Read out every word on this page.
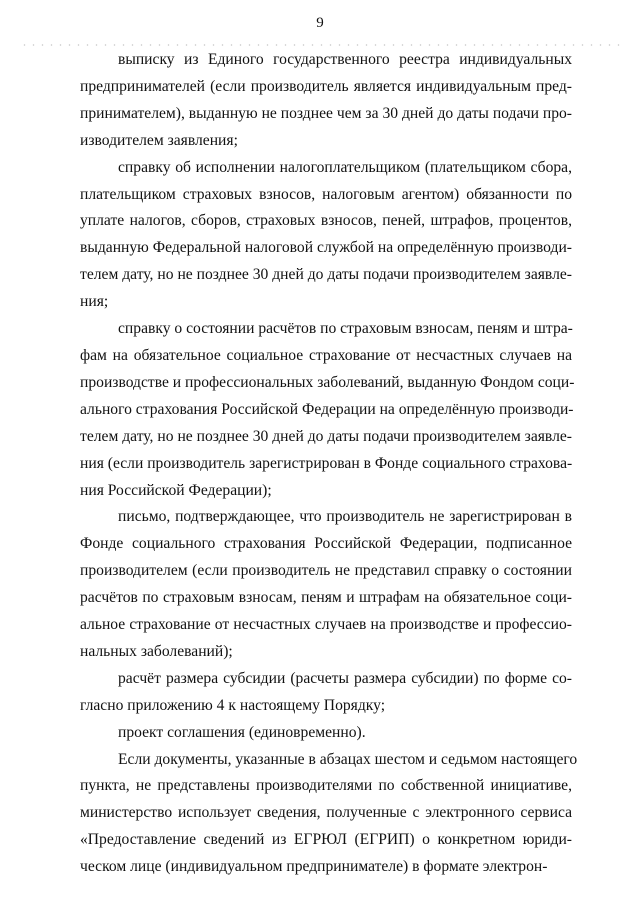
9

выписку из Единого государственного реестра индивидуальных
предпринимателей (если производитель является индивидуальным пред-
принимателем), выданную не позднее чем за 30 дней до даты подачи про-
изводителем заявления;

справку об исполнении налогоплательщиком (плательщиком сбора,
плательщиком страховых взносов, налоговым агентом) обязанности по
уплате налогов, сборов, страховых взносов, пеней, штрафов, процентов,
выданную Федеральной налоговой службой на определённую производи-
телем дату, но не позднее 30 дней до даты подачи производителем заявле-
ния;

справку о состоянии расчётов по страховым взносам, пеням и штра-
фам на обязательное социальное страхование от несчастных случаев на
производстве и профессиональных заболеваний, выданную Фондом соци-
ального страхования Российской Федерации на определённую производи-
телем дату, но не позднее 30 дней до даты подачи производителем заявле-
ния (если производитель зарегистрирован в Фонде социального страхова-
ния Российской Федерации);

письмо, подтверждающее, что производитель не зарегистрирован в
Фонде социального страхования Российской Федерации, подписанное
производителем (если производитель не представил справку о состоянии
расчётов по страховым взносам, пеням и штрафам на обязательное соци-
альное страхование от несчастных случаев на производстве и профессио-
нальных заболеваний);

расчёт размера субсидии (расчеты размера субсидии) по форме со-
гласно приложению 4 к настоящему Порядку;

проект соглашения (единовременно).

Если документы, указанные в абзацах шестом и седьмом настоящего
пункта, не представлены производителями по собственной инициативе,
министерство использует сведения, полученные с электронного сервиса
«Предоставление сведений из ЕГРЮЛ (ЕГРИП) о конкретном юриди-
ческом лице (индивидуальном предпринимателе) в формате электрон-
